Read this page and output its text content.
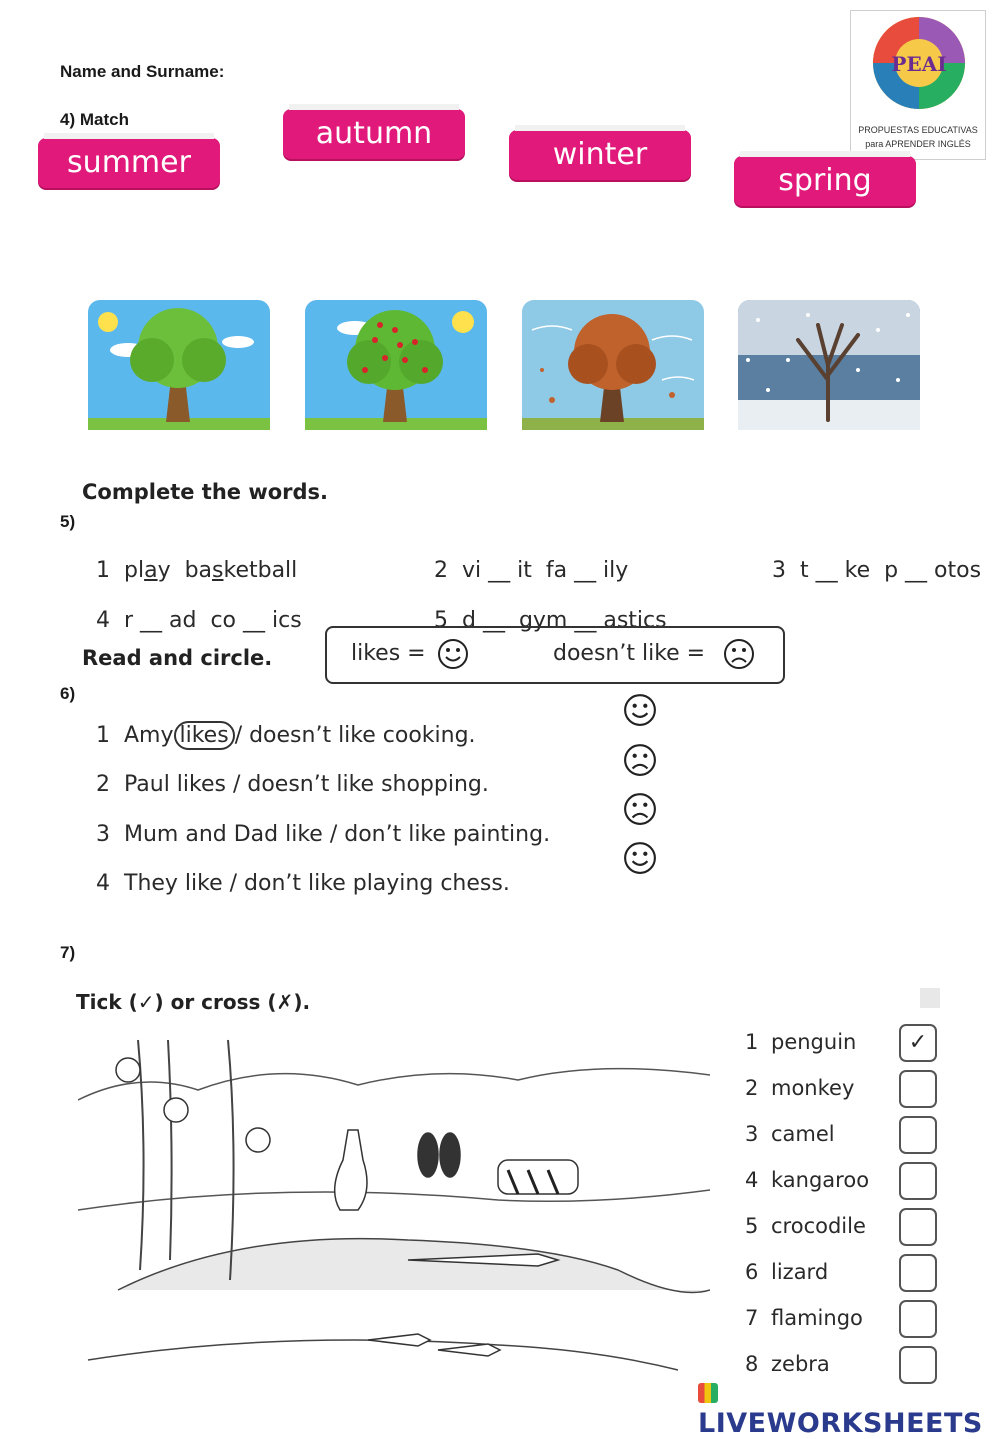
Name and Surname:	PEAI
PROPUESTAS EDUCATIVAS
para APRENDER INGLÉS
4) Match
summer
autumn
winter
spring
Complete the words.
5)

1 play  basketball	2 vi __ it  fa __ ily	3 t __ ke  p __ otos

4 r __ ad  co __ ics	5 d __  gym __ astics

Read and circle.	likes =	doesn’t like =
6)

1 Amy likes / doesn’t like cooking.

2 Paul likes / doesn’t like shopping.

3 Mum and Dad like / don’t like painting.

4 They like / don’t like playing chess.

7)
Tick (✓) or cross (✗).
1 penguin	✓
2 monkey
3 camel
4 kangaroo
5 crocodile
6 lizard
7 flamingo
8 zebra
LIVEWORKSHEETS
